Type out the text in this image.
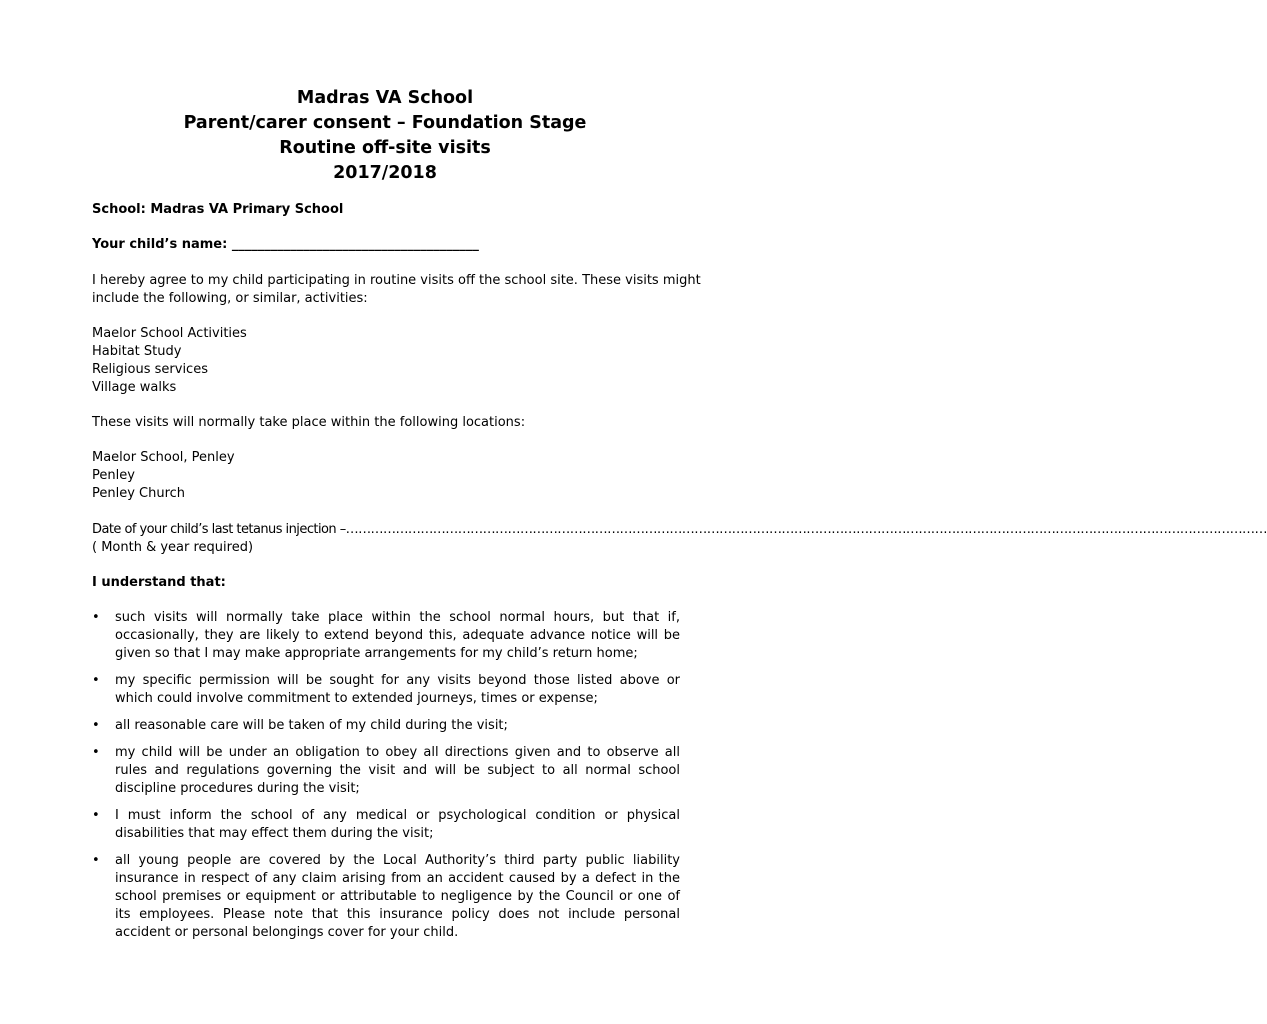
Madras VA School
Parent/carer consent – Foundation Stage
Routine off-site visits
2017/2018
School: Madras VA Primary School
Your child’s name: ______________________________________
I hereby agree to my child participating in routine visits off the school site. These visits might
include the following, or similar, activities:
Maelor School Activities
Habitat Study
Religious services
Village walks
These visits will normally take place within the following locations:
Maelor School, Penley
Penley
Penley Church
Date of your child’s last tetanus injection –……………………………………………………………………………………………………………………………………………………………………………………………………
( Month & year required)
I understand that:
• such visits will normally take place within the school normal hours, but that if, occasionally, they are likely to extend beyond this, adequate advance notice will be given so that I may make appropriate arrangements for my child’s return home;
• my specific permission will be sought for any visits beyond those listed above or which could involve commitment to extended journeys, times or expense;
• all reasonable care will be taken of my child during the visit;
• my child will be under an obligation to obey all directions given and to observe all rules and regulations governing the visit and will be subject to all normal school discipline procedures during the visit;
• I must inform the school of any medical or psychological condition or physical disabilities that may effect them during the visit;
• all young people are covered by the Local Authority’s third party public liability insurance in respect of any claim arising from an accident caused by a defect in the school premises or equipment or attributable to negligence by the Council or one of its employees. Please note that this insurance policy does not include personal accident or personal belongings cover for your child.
